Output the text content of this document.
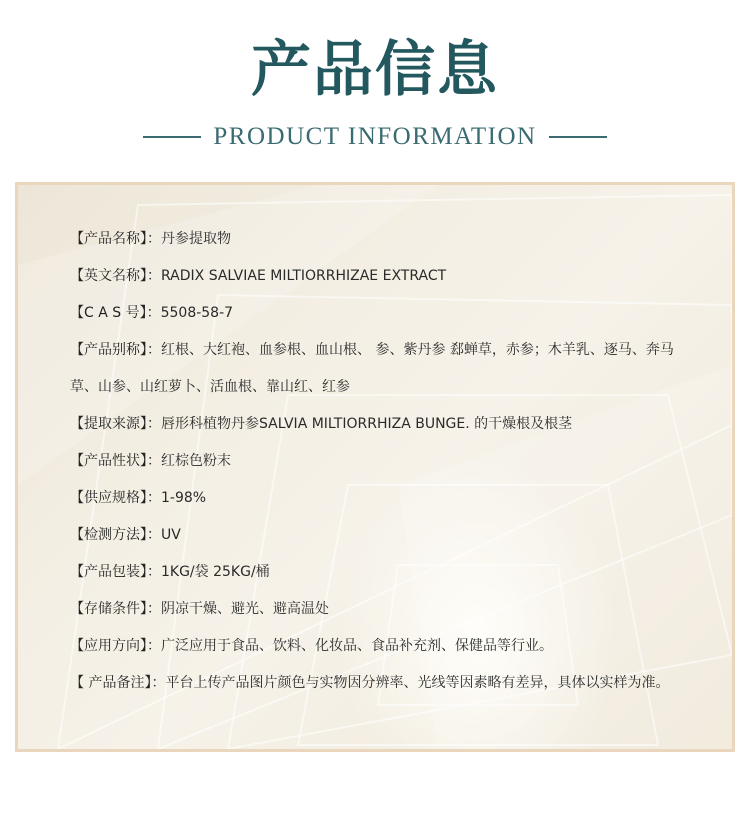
产品信息
PRODUCT INFORMATION
【产品名称】：丹参提取物
【英文名称】：RADIX SALVIAE MILTIORRHIZAE EXTRACT
【C A S 号】：5508-58-7
【产品别称】：红根、大红袍、血参根、血山根、 参、紫丹参 郄蝉草，赤参；木羊乳、逐马、奔马草、山参、山红萝卜、活血根、靠山红、红参
【提取来源】：唇形科植物丹参SALVIA MILTIORRHIZA BUNGE. 的干燥根及根茎
【产品性状】：红棕色粉末
【供应规格】：1-98%
【检测方法】：UV
【产品包装】：1KG/袋 25KG/桶
【存储条件】：阴凉干燥、避光、避高温处
【应用方向】：广泛应用于食品、饮料、化妆品、食品补充剂、保健品等行业。
【 产品备注】：平台上传产品图片颜色与实物因分辨率、光线等因素略有差异，具体以实样为准。
